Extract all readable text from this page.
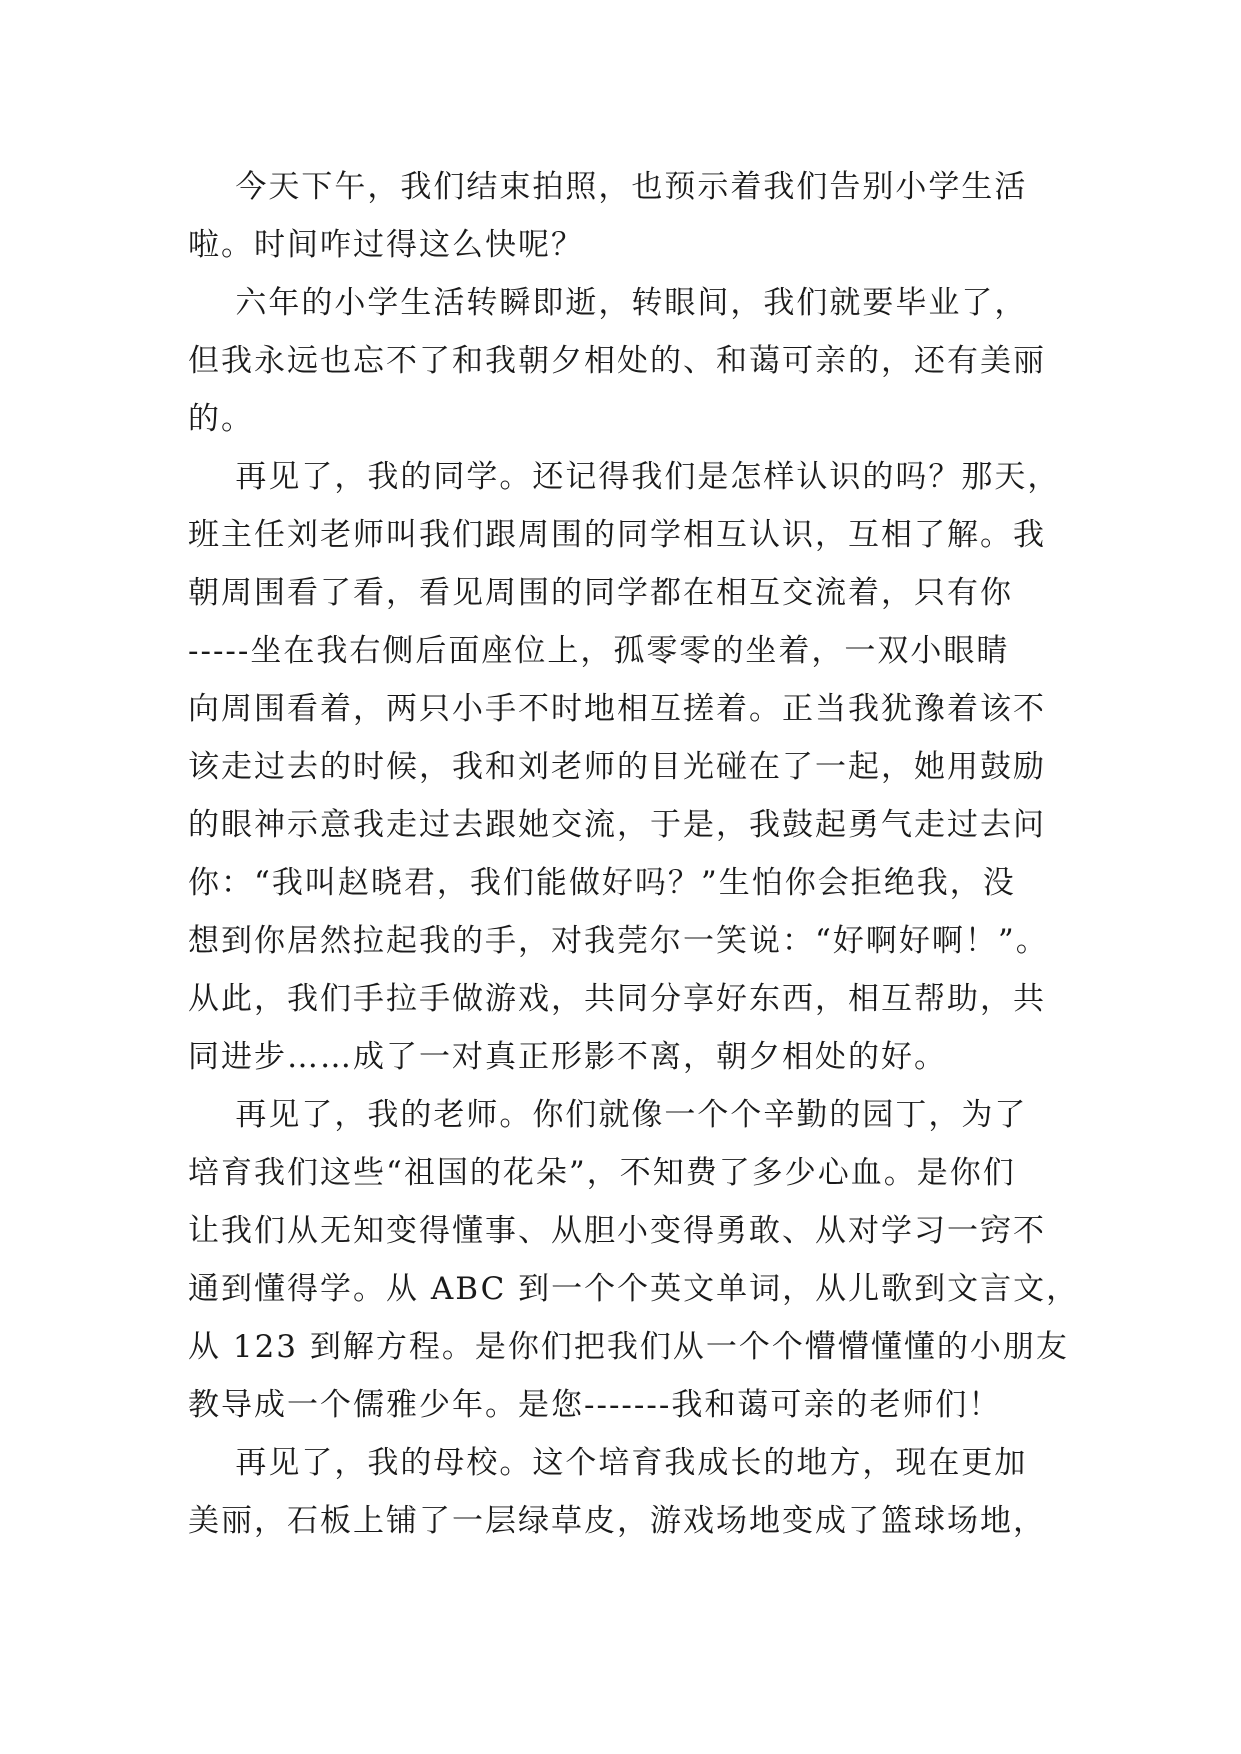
今天下午，我们结束拍照，也预示着我们告别小学生活
啦。时间咋过得这么快呢？
六年的小学生活转瞬即逝，转眼间，我们就要毕业了，
但我永远也忘不了和我朝夕相处的、和蔼可亲的，还有美丽
的。
再见了，我的同学。还记得我们是怎样认识的吗？那天，
班主任刘老师叫我们跟周围的同学相互认识，互相了解。我
朝周围看了看，看见周围的同学都在相互交流着，只有你
-----坐在我右侧后面座位上，孤零零的坐着，一双小眼睛
向周围看着，两只小手不时地相互搓着。正当我犹豫着该不
该走过去的时候，我和刘老师的目光碰在了一起，她用鼓励
的眼神示意我走过去跟她交流，于是，我鼓起勇气走过去问
你：“我叫赵晓君，我们能做好吗？”生怕你会拒绝我，没
想到你居然拉起我的手，对我莞尔一笑说：“好啊好啊！”。
从此，我们手拉手做游戏，共同分享好东西，相互帮助，共
同进步……成了一对真正形影不离，朝夕相处的好。
再见了，我的老师。你们就像一个个辛勤的园丁，为了
培育我们这些“祖国的花朵”，不知费了多少心血。是你们
让我们从无知变得懂事、从胆小变得勇敢、从对学习一窍不
通到懂得学。从 ABC 到一个个英文单词，从儿歌到文言文，
从 123 到解方程。是你们把我们从一个个懵懵懂懂的小朋友
教导成一个儒雅少年。是您-------我和蔼可亲的老师们！
再见了，我的母校。这个培育我成长的地方，现在更加
美丽，石板上铺了一层绿草皮，游戏场地变成了篮球场地，
